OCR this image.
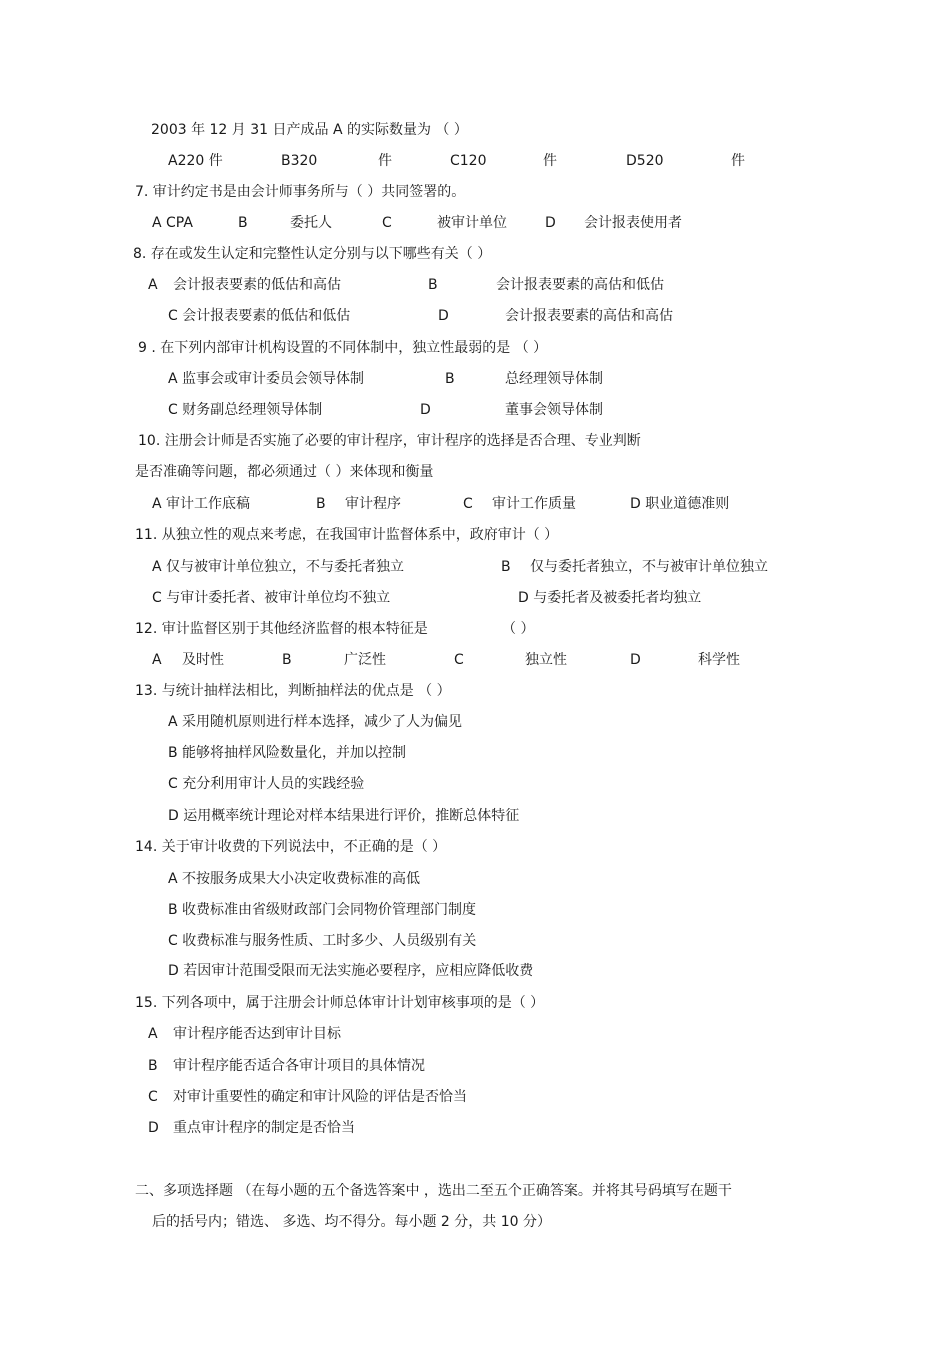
2003 年 12 月 31 日产成品 A 的实际数量为 （ ）
A220 件	B320	件	C120	件	D520	件
7. 审计约定书是由会计师事务所与（ ）共同签署的。
A CPA	B	委托人	C	被审计单位	D 会计报表使用者
8. 存在或发生认定和完整性认定分别与以下哪些有关（ ）
A 会计报表要素的低估和高估	B	会计报表要素的高估和低估
C 会计报表要素的低估和低估	D	会计报表要素的高估和高估
9 . 在下列内部审计机构设置的不同体制中，独立性最弱的是 （ ）
A 监事会或审计委员会领导体制	B	总经理领导体制
C 财务副总经理领导体制	D	董事会领导体制
10. 注册会计师是否实施了必要的审计程序，审计程序的选择是否合理、专业判断
是否准确等问题，都必须通过（ ）来体现和衡量
A 审计工作底稿	B 审计程序	C 审计工作质量	D 职业道德准则
11. 从独立性的观点来考虑，在我国审计监督体系中，政府审计（ ）
A 仅与被审计单位独立，不与委托者独立	B 仅与委托者独立，不与被审计单位独立
C 与审计委托者、被审计单位均不独立	D 与委托者及被委托者均独立
12. 审计监督区别于其他经济监督的根本特征是	（ ）
A 及时性	B	广泛性	C	独立性	D	科学性
13. 与统计抽样法相比，判断抽样法的优点是 （ ）
A 采用随机原则进行样本选择，减少了人为偏见
B 能够将抽样风险数量化，并加以控制
C 充分利用审计人员的实践经验
D 运用概率统计理论对样本结果进行评价，推断总体特征
14. 关于审计收费的下列说法中，不正确的是（ ）
A 不按服务成果大小决定收费标准的高低
B 收费标准由省级财政部门会同物价管理部门制度
C 收费标准与服务性质、工时多少、人员级别有关
D 若因审计范围受限而无法实施必要程序，应相应降低收费
15. 下列各项中，属于注册会计师总体审计计划审核事项的是（ ）
A 审计程序能否达到审计目标
B 审计程序能否适合各审计项目的具体情况
C 对审计重要性的确定和审计风险的评估是否恰当
D 重点审计程序的制定是否恰当
二、多项选择题 （在每小题的五个备选答案中 ，选出二至五个正确答案。并将其号码填写在题干
后的括号内；错选、 多选、均不得分。每小题 2 分，共 10 分）
